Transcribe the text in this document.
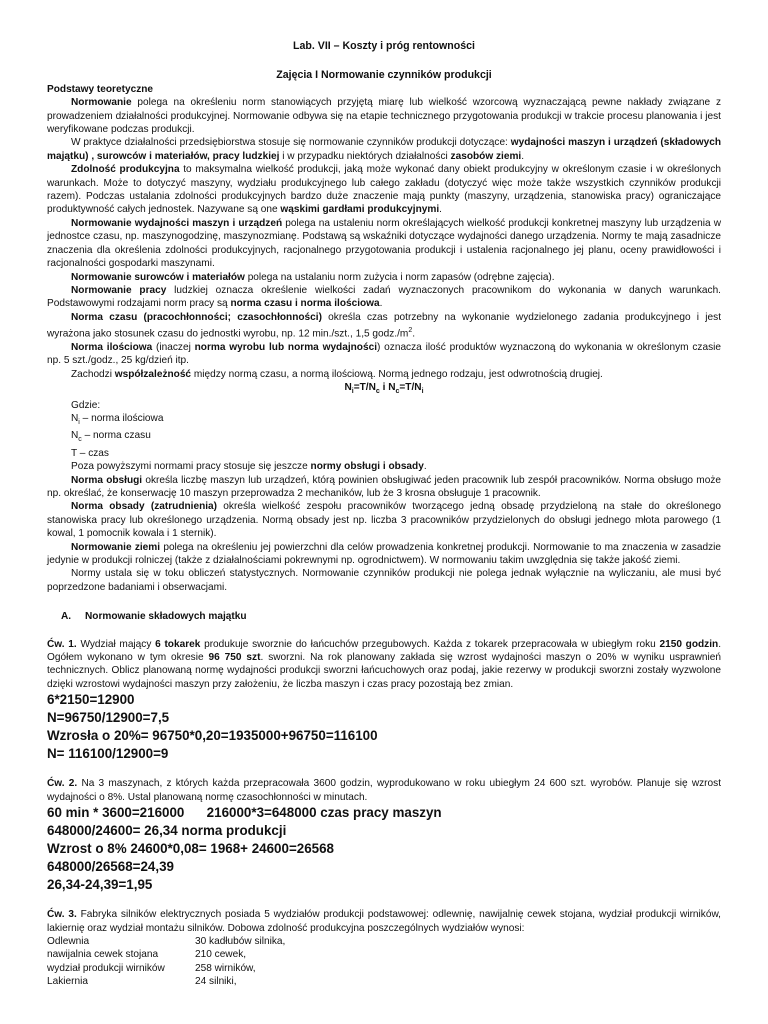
Lab. VII – Koszty i próg rentowności

Zajęcia I Normowanie czynników produkcji

Podstawy teoretyczne

Normowanie polega na określeniu norm stanowiących przyjętą miarę lub wielkość wzorcową wyznaczającą pewne nakłady związane z prowadzeniem działalności produkcyjnej. Normowanie odbywa się na etapie technicznego przygotowania produkcji w trakcie procesu planowania i jest weryfikowane podczas produkcji.

W praktyce działalności przedsiębiorstwa stosuje się normowanie czynników produkcji dotyczące: wydajności maszyn i urządzeń (składowych majątku) , surowców i materiałów, pracy ludzkiej i w przypadku niektórych działalności zasobów ziemi.

Zdolność produkcyjna to maksymalna wielkość produkcji, jaką może wykonać dany obiekt produkcyjny w określonym czasie i w określonych warunkach. Może to dotyczyć maszyny, wydziału produkcyjnego lub całego zakładu (dotyczyć więc może także wszystkich czynników produkcji razem). Podczas ustalania zdolności produkcyjnych bardzo duże znaczenie mają punkty (maszyny, urządzenia, stanowiska pracy) ograniczające produktywność całych jednostek. Nazywane są one wąskimi gardłami produkcyjnymi.

Normowanie wydajności maszyn i urządzeń polega na ustaleniu norm określających wielkość produkcji konkretnej maszyny lub urządzenia w jednostce czasu, np. maszynogodzinę, maszynozmianę. Podstawą są wskaźniki dotyczące wydajności danego urządzenia. Normy te mają zasadnicze znaczenia dla określenia zdolności produkcyjnych, racjonalnego przygotowania produkcji i ustalenia racjonalnego jej planu, oceny prawidłowości i racjonalności gospodarki maszynami.

Normowanie surowców i materiałów polega na ustalaniu norm zużycia i norm zapasów (odrębne zajęcia).

Normowanie pracy ludzkiej oznacza określenie wielkości zadań wyznaczonych pracownikom do wykonania w danych warunkach. Podstawowymi rodzajami norm pracy są norma czasu i norma ilościowa.

Norma czasu (pracochłonności; czasochłonności) określa czas potrzebny na wykonanie wydzielonego zadania produkcyjnego i jest wyrażona jako stosunek czasu do jednostki wyrobu, np. 12 min./szt., 1,5 $godz./m^2$.

Norma ilościowa (inaczej norma wyrobu lub norma wydajności) oznacza ilość produktów wyznaczoną do wykonania w określonym czasie np. 5 szt./godz., 25 kg/dzień itp.

Zachodzi współzależność między normą czasu, a normą ilościową. Normą jednego rodzaju, jest odwrotnością drugiej.

$N_i=T/N_c$ i $N_c=T/N_i$

Gdzie:
$N_i$ – norma ilościowa
$N_c$ – norma czasu
T – czas

Poza powyższymi normami pracy stosuje się jeszcze normy obsługi i obsady.

Norma obsługi określa liczbę maszyn lub urządzeń, którą powinien obsługiwać jeden pracownik lub zespół pracowników. Norma obsługo może np. określać, że konserwację 10 maszyn przeprowadza 2 mechaników, lub że 3 krosna obsługuje 1 pracownik.

Norma obsady (zatrudnienia) określa wielkość zespołu pracowników tworzącego jedną obsadę przydzieloną na stałe do określonego stanowiska pracy lub określonego urządzenia. Normą obsady jest np. liczba 3 pracowników przydzielonych do obsługi jednego młota parowego (1 kowal, 1 pomocnik kowala i 1 sternik).

Normowanie ziemi polega na określeniu jej powierzchni dla celów prowadzenia konkretnej produkcji. Normowanie to ma znaczenia w zasadzie jedynie w produkcji rolniczej (także z działalnościami pokrewnymi np. ogrodnictwem). W normowaniu takim uwzględnia się także jakość ziemi.

Normy ustala się w toku obliczeń statystycznych. Normowanie czynników produkcji nie polega jednak wyłącznie na wyliczaniu, ale musi być poprzedzone badaniami i obserwacjami.

A. Normowanie składowych majątku

Ćw. 1. Wydział mający 6 tokarek produkuje sworznie do łańcuchów przegubowych. Każda z tokarek przepracowała w ubiegłym roku 2150 godzin. Ogółem wykonano w tym okresie 96 750 szt. sworzni. Na rok planowany zakłada się wzrost wydajności maszyn o 20% w wyniku usprawnień technicznych. Oblicz planowaną normę wydajności produkcji sworzni łańcuchowych oraz podaj, jakie rezerwy w produkcji sworzni zostały wyzwolone dzięki wzrostowi wydajności maszyn przy założeniu, że liczba maszyn i czas pracy pozostają bez zmian.

6*2150=12900

N=96750/12900=7,5

Wzrosła o 20%= 96750*0,20=1935000+96750=116100

N= 116100/12900=9

Ćw. 2. Na 3 maszynach, z których każda przepracowała 3600 godzin, wyprodukowano w roku ubiegłym 24 600 szt. wyrobów. Planuje się wzrost wydajności o 8%. Ustal planowaną normę czasochłonności w minutach.

60 min * 3600=216000      216000*3=648000 czas pracy maszyn

648000/24600= 26,34 norma produkcji

Wzrost o 8% 24600*0,08= 1968+ 24600=26568

648000/26568=24,39

26,34-24,39=1,95

Ćw. 3. Fabryka silników elektrycznych posiada 5 wydziałów produkcji podstawowej: odlewnię, nawijalnię cewek stojana, wydział produkcji wirników, lakiernię oraz wydział montażu silników. Dobowa zdolność produkcyjna poszczególnych wydziałów wynosi:

Odlewnia	30 kadłubów silnika,
nawijalnia cewek stojana	210 cewek,
wydział produkcji wirników	258 wirników,
Lakiernia	24 silniki,
